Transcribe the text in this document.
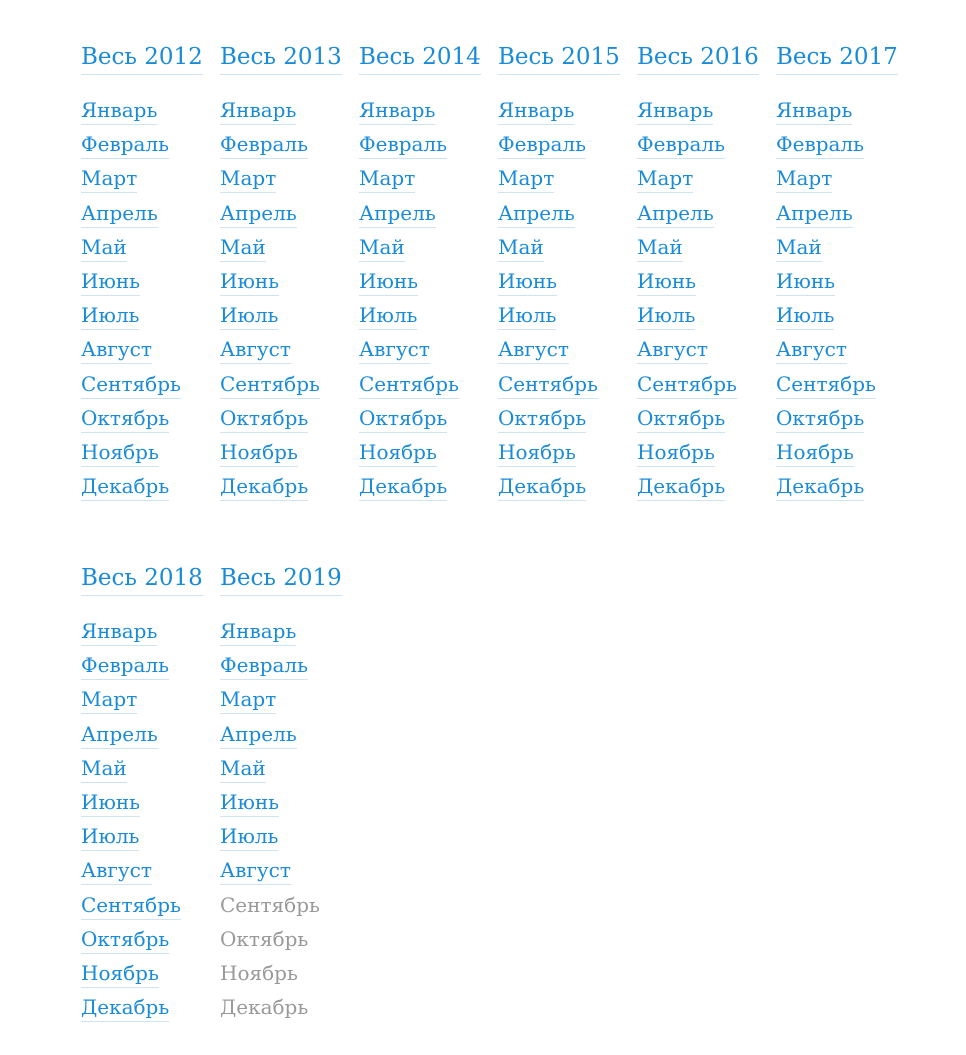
Весь 2012
Январь
Февраль
Март
Апрель
Май
Июнь
Июль
Август
Сентябрь
Октябрь
Ноябрь
Декабрь
Весь 2013
Январь
Февраль
Март
Апрель
Май
Июнь
Июль
Август
Сентябрь
Октябрь
Ноябрь
Декабрь
Весь 2014
Январь
Февраль
Март
Апрель
Май
Июнь
Июль
Август
Сентябрь
Октябрь
Ноябрь
Декабрь
Весь 2015
Январь
Февраль
Март
Апрель
Май
Июнь
Июль
Август
Сентябрь
Октябрь
Ноябрь
Декабрь
Весь 2016
Январь
Февраль
Март
Апрель
Май
Июнь
Июль
Август
Сентябрь
Октябрь
Ноябрь
Декабрь
Весь 2017
Январь
Февраль
Март
Апрель
Май
Июнь
Июль
Август
Сентябрь
Октябрь
Ноябрь
Декабрь
Весь 2018
Январь
Февраль
Март
Апрель
Май
Июнь
Июль
Август
Сентябрь
Октябрь
Ноябрь
Декабрь
Весь 2019
Январь
Февраль
Март
Апрель
Май
Июнь
Июль
Август
Сентябрь
Октябрь
Ноябрь
Декабрь
